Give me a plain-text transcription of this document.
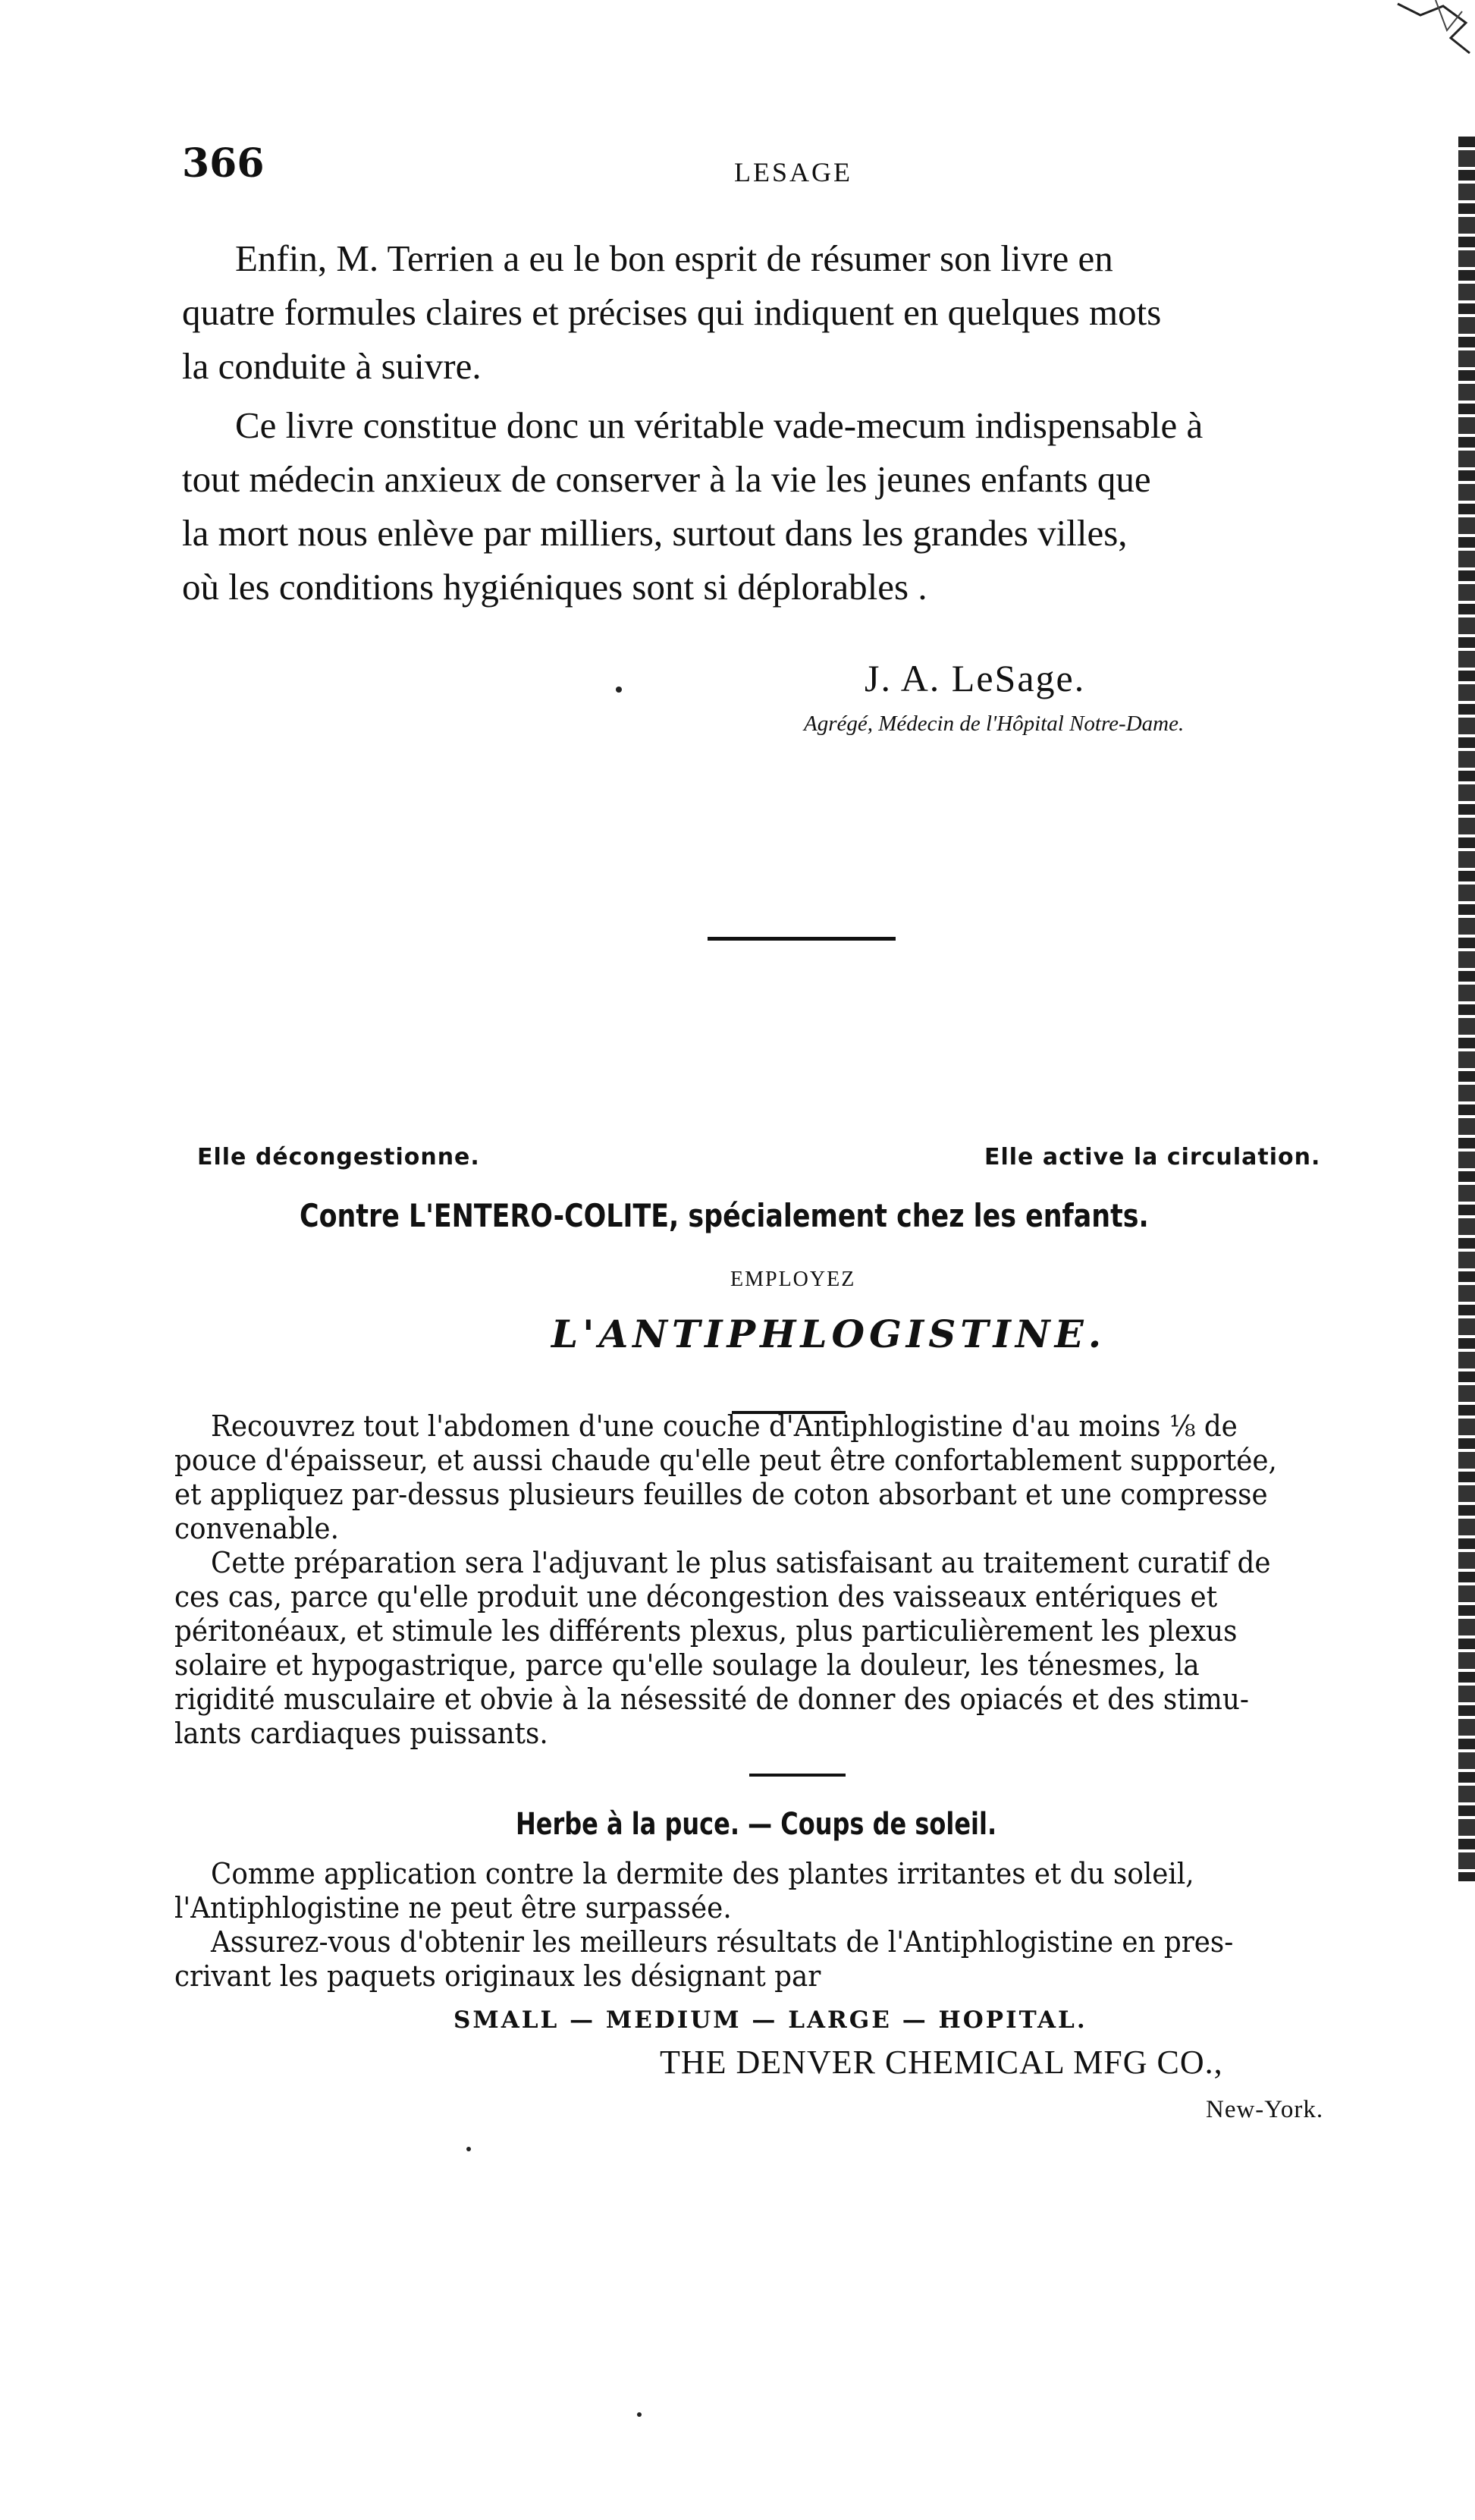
366	LESAGE
Enfin, M. Terrien a eu le bon esprit de résumer son livre en
quatre formules claires et précises qui indiquent en quelques mots
la conduite à suivre.
Ce livre constitue donc un véritable vade-mecum indispensable à
tout médecin anxieux de conserver à la vie les jeunes enfants que
la mort nous enlève par milliers, surtout dans les grandes villes,
où les conditions hygiéniques sont si déplorables .
J. A. LeSage.
Agrégé, Médecin de l'Hôpital Notre-Dame.
Elle décongestionne.	Elle active la circulation.
Contre L'ENTERO-COLITE, spécialement chez les enfants.
EMPLOYEZ
L'ANTIPHLOGISTINE.
Recouvrez tout l'abdomen d'une couche d'Antiphlogistine d'au moins ⅛ de
pouce d'épaisseur, et aussi chaude qu'elle peut être confortablement supportée,
et appliquez par-dessus plusieurs feuilles de coton absorbant et une compresse
convenable.
Cette préparation sera l'adjuvant le plus satisfaisant au traitement curatif de
ces cas, parce qu'elle produit une décongestion des vaisseaux entériques et
péritonéaux, et stimule les différents plexus, plus particulièrement les plexus
solaire et hypogastrique, parce qu'elle soulage la douleur, les ténesmes, la
rigidité musculaire et obvie à la nésessité de donner des opiacés et des stimu-
lants cardiaques puissants.
Herbe à la puce. — Coups de soleil.
Comme application contre la dermite des plantes irritantes et du soleil,
l'Antiphlogistine ne peut être surpassée.
Assurez-vous d'obtenir les meilleurs résultats de l'Antiphlogistine en pres-
crivant les paquets originaux les désignant par
SMALL — MEDIUM — LARGE — HOPITAL.
THE DENVER CHEMICAL MFG CO.,
New-York.
